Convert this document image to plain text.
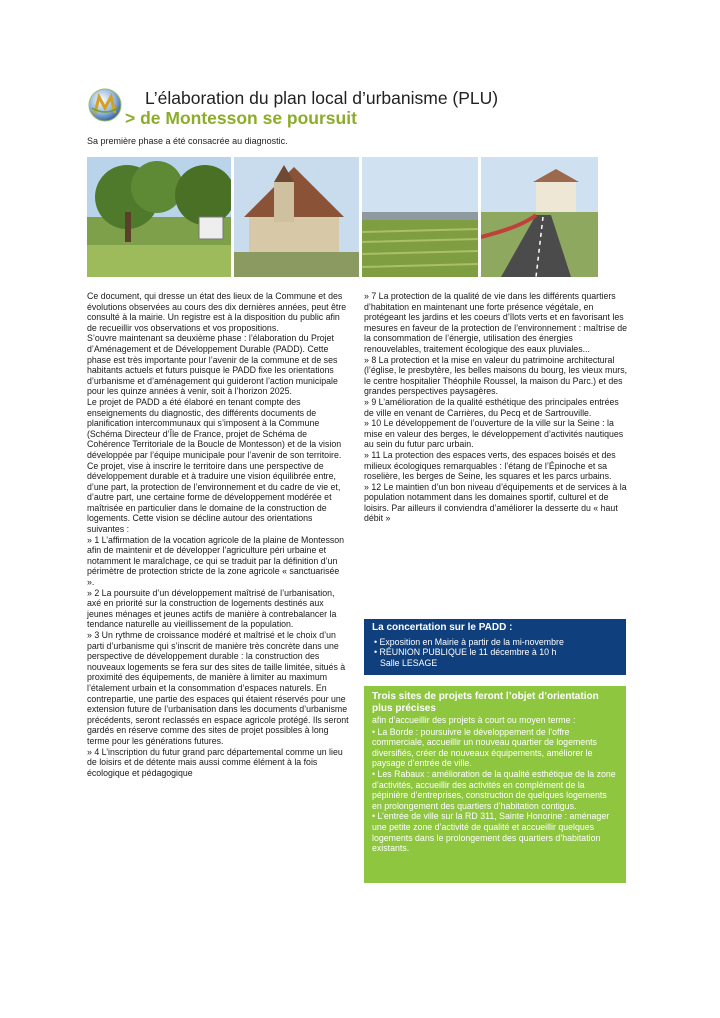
L’élaboration du plan local d’urbanisme (PLU)
> de Montesson se poursuit
Sa première phase a été consacrée au diagnostic.

Ce document, qui dresse un état des lieux de la Commune et des évolutions observées au cours des dix dernières années, peut être consulté à la mairie. Un registre est à la disposition du public afin de recueillir vos observations et vos propositions.

S’ouvre maintenant sa deuxième phase : l’élaboration du Projet d’Aménagement et de Développement Durable (PADD). Cette phase est très importante pour l’avenir de la commune et de ses habitants actuels et futurs puisque le PADD fixe les orientations d’urbanisme et d’aménagement qui guideront l’action municipale pour les quinze années à venir, soit à l’horizon 2025.

Le projet de PADD a été élaboré en tenant compte des enseignements du diagnostic, des différents documents de planification intercommunaux qui s’imposent à la Commune (Schéma Directeur d’Île de France, projet de Schéma de Cohérence Territoriale de la Boucle de Montesson) et de la vision développée par l’équipe municipale pour l’avenir de son territoire. Ce projet, vise à inscrire le territoire dans une perspective de développement durable et à traduire une vision équilibrée entre, d’une part, la protection de l’environnement et du cadre de vie et, d’autre part, une certaine forme de développement modérée et maîtrisée en particulier dans le domaine de la construction de logements. Cette vision se décline autour des orientations suivantes :

» 1 L’affirmation de la vocation agricole de la plaine de Montesson afin de maintenir et de développer l’agriculture péri urbaine et notamment le maraîchage, ce qui se traduit par la définition d’un périmètre de protection stricte de la zone agricole « sanctuarisée ».

» 2 La poursuite d’un développement maîtrisé de l’urbanisation, axé en priorité sur la construction de logements destinés aux jeunes ménages et jeunes actifs de manière à contrebalancer la tendance naturelle au vieillissement de la population.

» 3 Un rythme de croissance modéré et maîtrisé et le choix d’un parti d’urbanisme qui s’inscrit de manière très concrète dans une perspective de développement durable : la construction des nouveaux logements se fera sur des sites de taille limitée, situés à proximité des équipements, de manière à limiter au maximum l’étalement urbain et la consommation d’espaces naturels. En contrepartie, une partie des espaces qui étaient réservés pour une extension future de l’urbanisation dans les documents d’urbanisme précédents, seront reclassés en espace agricole protégé. Ils seront gardés en réserve comme des sites de projet possibles à long terme pour les générations futures.

» 4 L’inscription du futur grand parc départemental comme un lieu de loisirs et de détente mais aussi comme élément à la fois écologique et pédagogique

» 7 La protection de la qualité de vie dans les différents quartiers d’habitation en maintenant une forte présence végétale, en protégeant les jardins et les coeurs d’îlots verts et en favorisant les mesures en faveur de la protection de l’environnement : maîtrise de la consommation de l’énergie, utilisation des énergies renouvelables, traitement écologique des eaux pluviales...

» 8 La protection et la mise en valeur du patrimoine architectural (l’église, le presbytère, les belles maisons du bourg, les vieux murs, le centre hospitalier Théophile Roussel, la maison du Parc.) et des grandes perspectives paysagères.

» 9 L’amélioration de la qualité esthétique des principales entrées de ville en venant de Carrières, du Pecq et de Sartrouville.

» 10 Le développement de l’ouverture de la ville sur la Seine : la mise en valeur des berges, le développement d’activités nautiques au sein du futur parc urbain.

» 11 La protection des espaces verts, des espaces boisés et des milieux écologiques remarquables : l’étang de l’Épinoche et sa roselière, les berges de Seine, les squares et les parcs urbains.

» 12 Le maintien d’un bon niveau d’équipements et de services à la population notamment dans les domaines sportif, culturel et de loisirs. Par ailleurs il conviendra d’améliorer la desserte du « haut débit »

La concertation sur le PADD :
• Exposition en Mairie à partir de la mi-novembre
• RÉUNION PUBLIQUE le 11 décembre à 10 h
Salle LESAGE
Trois sites de projets feront l’objet d’orientation plus précises
afin d’accueillir des projets à court ou moyen terme :

• La Borde : poursuivre le développement de l’offre commerciale, accueillir un nouveau quartier de logements diversifiés, créer de nouveaux équipements, améliorer le paysage d’entrée de ville.

• Les Rabaux : amélioration de la qualité esthétique de la zone d’activités, accueillir des activités en complément de la pépinière d’entreprises, construction de quelques logements en prolongement des quartiers d’habitation contigus.

• L’entrée de ville sur la RD 311, Sainte Honorine : aménager une petite zone d’activité de qualité et accueillir quelques logements dans le prolongement des quartiers d’habitation existants.
